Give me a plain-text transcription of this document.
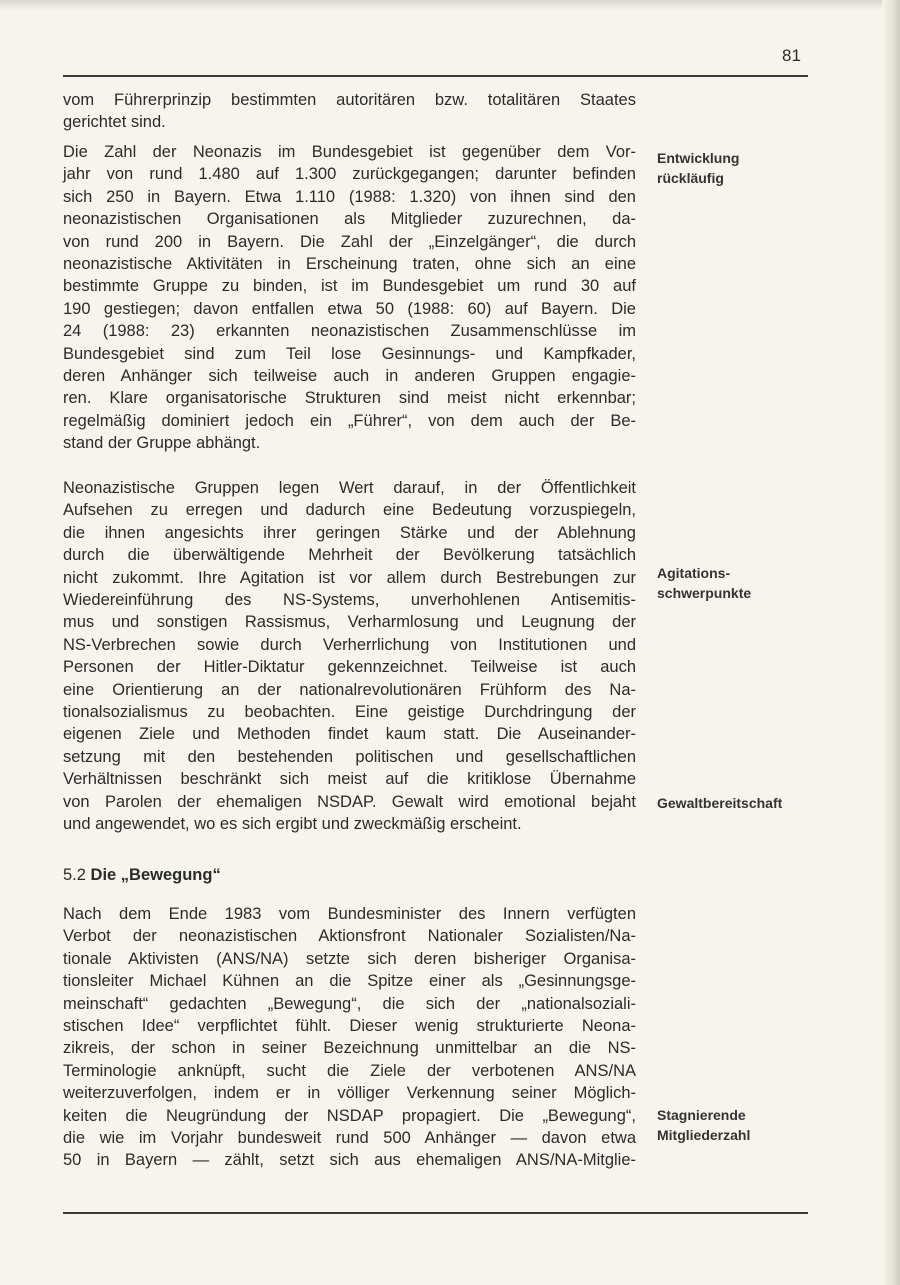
81
vom Führerprinzip bestimmten autoritären bzw. totalitären Staates
gerichtet sind.
Die Zahl der Neonazis im Bundesgebiet ist gegenüber dem Vor-
jahr von rund 1.480 auf 1.300 zurückgegangen; darunter befinden
sich 250 in Bayern. Etwa 1.110 (1988: 1.320) von ihnen sind den
neonazistischen Organisationen als Mitglieder zuzurechnen, da-
von rund 200 in Bayern. Die Zahl der „Einzelgänger“, die durch
neonazistische Aktivitäten in Erscheinung traten, ohne sich an eine
bestimmte Gruppe zu binden, ist im Bundesgebiet um rund 30 auf
190 gestiegen; davon entfallen etwa 50 (1988: 60) auf Bayern. Die
24 (1988: 23) erkannten neonazistischen Zusammenschlüsse im
Bundesgebiet sind zum Teil lose Gesinnungs- und Kampfkader,
deren Anhänger sich teilweise auch in anderen Gruppen engagie-
ren. Klare organisatorische Strukturen sind meist nicht erkennbar;
regelmäßig dominiert jedoch ein „Führer“, von dem auch der Be-
stand der Gruppe abhängt.
Neonazistische Gruppen legen Wert darauf, in der Öffentlichkeit
Aufsehen zu erregen und dadurch eine Bedeutung vorzuspiegeln,
die ihnen angesichts ihrer geringen Stärke und der Ablehnung
durch die überwältigende Mehrheit der Bevölkerung tatsächlich
nicht zukommt. Ihre Agitation ist vor allem durch Bestrebungen zur
Wiedereinführung des NS-Systems, unverhohlenen Antisemitis-
mus und sonstigen Rassismus, Verharmlosung und Leugnung der
NS-Verbrechen sowie durch Verherrlichung von Institutionen und
Personen der Hitler-Diktatur gekennzeichnet. Teilweise ist auch
eine Orientierung an der nationalrevolutionären Frühform des Na-
tionalsozialismus zu beobachten. Eine geistige Durchdringung der
eigenen Ziele und Methoden findet kaum statt. Die Auseinander-
setzung mit den bestehenden politischen und gesellschaftlichen
Verhältnissen beschränkt sich meist auf die kritiklose Übernahme
von Parolen der ehemaligen NSDAP. Gewalt wird emotional bejaht
und angewendet, wo es sich ergibt und zweckmäßig erscheint.
5.2 Die „Bewegung“
Nach dem Ende 1983 vom Bundesminister des Innern verfügten
Verbot der neonazistischen Aktionsfront Nationaler Sozialisten/Na-
tionale Aktivisten (ANS/NA) setzte sich deren bisheriger Organisa-
tionsleiter Michael Kühnen an die Spitze einer als „Gesinnungsge-
meinschaft“ gedachten „Bewegung“, die sich der „nationalsoziali-
stischen Idee“ verpflichtet fühlt. Dieser wenig strukturierte Neona-
zikreis, der schon in seiner Bezeichnung unmittelbar an die NS-
Terminologie anknüpft, sucht die Ziele der verbotenen ANS/NA
weiterzuverfolgen, indem er in völliger Verkennung seiner Möglich-
keiten die Neugründung der NSDAP propagiert. Die „Bewegung“,
die wie im Vorjahr bundesweit rund 500 Anhänger — davon etwa
50 in Bayern — zählt, setzt sich aus ehemaligen ANS/NA-Mitglie-
Entwicklung
rückläufig
Agitations-
schwerpunkte
Gewaltbereitschaft
Stagnierende
Mitgliederzahl
